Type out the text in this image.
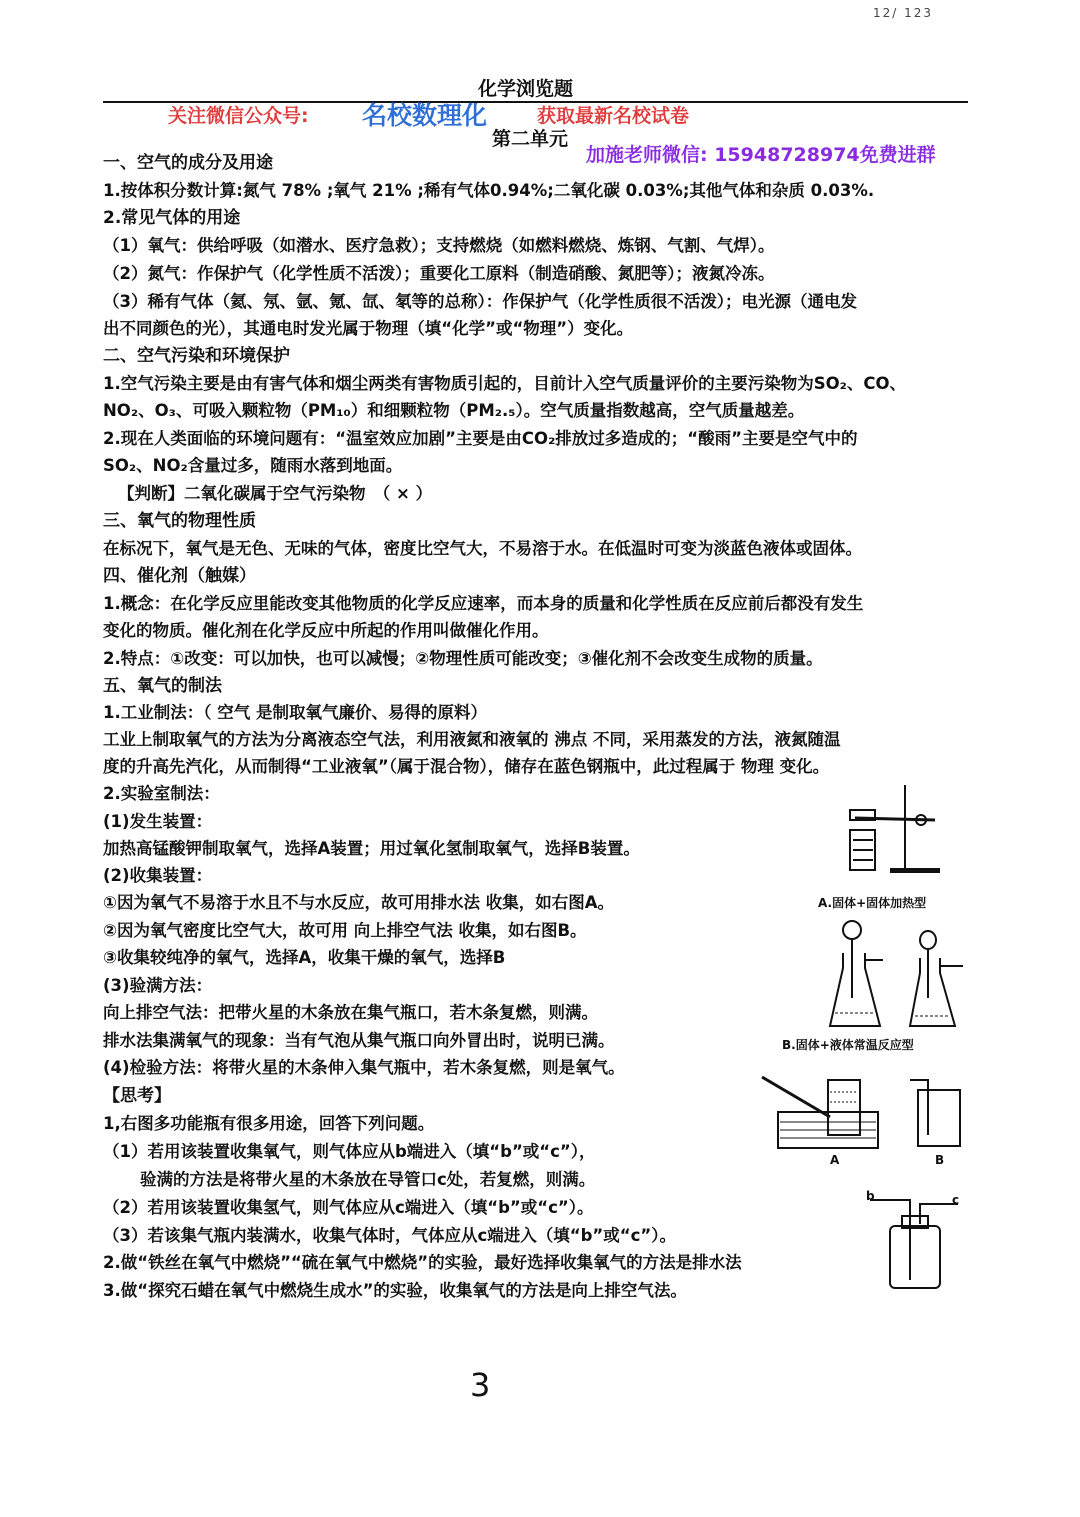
12/ 123
化学浏览题
关注微信公众号: 名校数理化	获取最新名校试卷
第二单元
加施老师微信: 15948728974免费进群
一、空气的成分及用途
1.按体积分数计算:氮气 78% ;氧气 21% ;稀有气体0.94%;二氧化碳 0.03%;其他气体和杂质 0.03%.
2.常见气体的用途
（1）氧气：供给呼吸（如潜水、医疗急救）；支持燃烧（如燃料燃烧、炼钢、气割、气焊）。
（2）氮气：作保护气（化学性质不活泼）；重要化工原料（制造硝酸、氮肥等）；液氮冷冻。
（3）稀有气体（氦、氖、氩、氪、氙、氡等的总称）：作保护气（化学性质很不活泼）；电光源（通电发
出不同颜色的光），其通电时发光属于物理（填“化学”或“物理”）变化。
二、空气污染和环境保护
1.空气污染主要是由有害气体和烟尘两类有害物质引起的，目前计入空气质量评价的主要污染物为SO₂、CO、
NO₂、O₃、可吸入颗粒物（PM₁₀）和细颗粒物（PM₂.₅）。空气质量指数越高，空气质量越差。
2.现在人类面临的环境问题有：“温室效应加剧”主要是由CO₂排放过多造成的；“酸雨”主要是空气中的
SO₂、NO₂含量过多，随雨水落到地面。
【判断】二氧化碳属于空气污染物　（ × ）
三、氧气的物理性质
在标况下，氧气是无色、无味的气体，密度比空气大，不易溶于水。在低温时可变为淡蓝色液体或固体。
四、催化剂（触媒）
1.概念：在化学反应里能改变其他物质的化学反应速率，而本身的质量和化学性质在反应前后都没有发生
变化的物质。催化剂在化学反应中所起的作用叫做催化作用。
2.特点：①改变：可以加快，也可以减慢；②物理性质可能改变；③催化剂不会改变生成物的质量。
五、氧气的制法
1.工业制法：（ 空气 是制取氧气廉价、易得的原料）
工业上制取氧气的方法为分离液态空气法，利用液氮和液氧的 沸点 不同，采用蒸发的方法，液氮随温
度的升高先汽化，从而制得“工业液氧”（属于混合物），储存在蓝色钢瓶中，此过程属于 物理 变化。
2.实验室制法：
(1)发生装置：
加热高锰酸钾制取氧气，选择A装置；用过氧化氢制取氧气，选择B装置。
(2)收集装置：
①因为氧气不易溶于水且不与水反应，故可用排水法 收集，如右图A。
②因为氧气密度比空气大，故可用 向上排空气法 收集，如右图B。
③收集较纯净的氧气，选择A，收集干燥的氧气，选择B
(3)验满方法：
向上排空气法：把带火星的木条放在集气瓶口，若木条复燃，则满。
排水法集满氧气的现象：当有气泡从集气瓶口向外冒出时，说明已满。
(4)检验方法：将带火星的木条伸入集气瓶中，若木条复燃，则是氧气。
【思考】
1,右图多功能瓶有很多用途，回答下列问题。
（1）若用该装置收集氧气，则气体应从b端进入（填“b”或“c”），
验满的方法是将带火星的木条放在导管口c处，若复燃，则满。
（2）若用该装置收集氢气，则气体应从c端进入（填“b”或“c”）。
（3）若该集气瓶内装满水，收集气体时，气体应从c端进入（填“b”或“c”）。
2.做“铁丝在氧气中燃烧”“硫在氧气中燃烧”的实验，最好选择收集氧气的方法是排水法
3.做“探究石蜡在氧气中燃烧生成水”的实验，收集氧气的方法是向上排空气法。
A.固体+固体加热型
B.固体+液体常温反应型
A	B
b	c
3
